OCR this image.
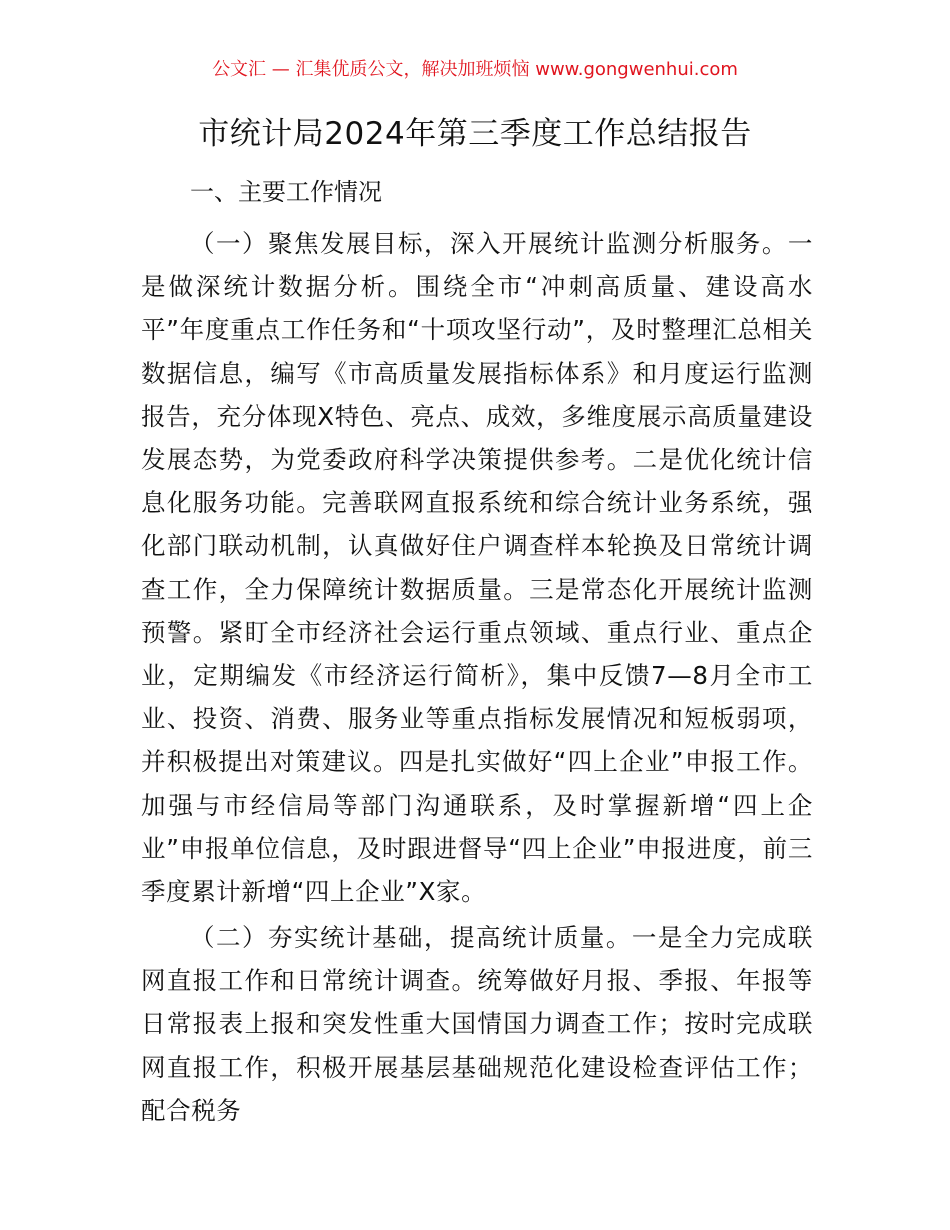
公文汇 — 汇集优质公文，解决加班烦恼 www.gongwenhui.com
市统计局2024年第三季度工作总结报告
一、主要工作情况

（一）聚焦发展目标，深入开展统计监测分析服务。一是做深统计数据分析。围绕全市“冲刺高质量、建设高水平”年度重点工作任务和“十项攻坚行动”，及时整理汇总相关数据信息，编写《市高质量发展指标体系》和月度运行监测报告，充分体现X特色、亮点、成效，多维度展示高质量建设发展态势，为党委政府科学决策提供参考。二是优化统计信息化服务功能。完善联网直报系统和综合统计业务系统，强化部门联动机制，认真做好住户调查样本轮换及日常统计调查工作，全力保障统计数据质量。三是常态化开展统计监测预警。紧盯全市经济社会运行重点领域、重点行业、重点企业，定期编发《市经济运行简析》，集中反馈7—8月全市工业、投资、消费、服务业等重点指标发展情况和短板弱项，并积极提出对策建议。四是扎实做好“四上企业”申报工作。加强与市经信局等部门沟通联系，及时掌握新增“四上企业”申报单位信息，及时跟进督导“四上企业”申报进度，前三季度累计新增“四上企业”X家。

（二）夯实统计基础，提高统计质量。一是全力完成联网直报工作和日常统计调查。统筹做好月报、季报、年报等日常报表上报和突发性重大国情国力调查工作；按时完成联网直报工作，积极开展基层基础规范化建设检查评估工作；配合税务
